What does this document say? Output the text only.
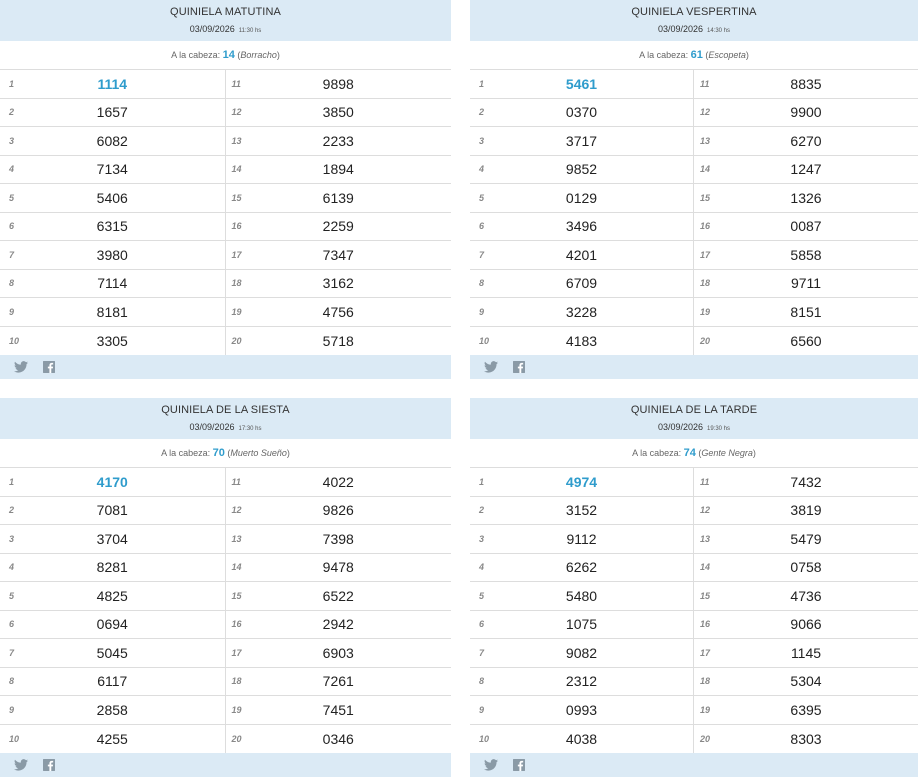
QUINIELA MATUTINA
03/09/2026 11:30 hs
A la cabeza: 14 (Borracho)
1	1114	11	9898
2	1657	12	3850
3	6082	13	2233
4	7134	14	1894
5	5406	15	6139
6	6315	16	2259
7	3980	17	7347
8	7114	18	3162
9	8181	19	4756
10	3305	20	5718
QUINIELA VESPERTINA
03/09/2026 14:30 hs
A la cabeza: 61 (Escopeta)
1	5461	11	8835
2	0370	12	9900
3	3717	13	6270
4	9852	14	1247
5	0129	15	1326
6	3496	16	0087
7	4201	17	5858
8	6709	18	9711
9	3228	19	8151
10	4183	20	6560
QUINIELA DE LA SIESTA
03/09/2026 17:30 hs
A la cabeza: 70 (Muerto Sueño)
1	4170	11	4022
2	7081	12	9826
3	3704	13	7398
4	8281	14	9478
5	4825	15	6522
6	0694	16	2942
7	5045	17	6903
8	6117	18	7261
9	2858	19	7451
10	4255	20	0346
QUINIELA DE LA TARDE
03/09/2026 19:30 hs
A la cabeza: 74 (Gente Negra)
1	4974	11	7432
2	3152	12	3819
3	9112	13	5479
4	6262	14	0758
5	5480	15	4736
6	1075	16	9066
7	9082	17	1145
8	2312	18	5304
9	0993	19	6395
10	4038	20	8303
